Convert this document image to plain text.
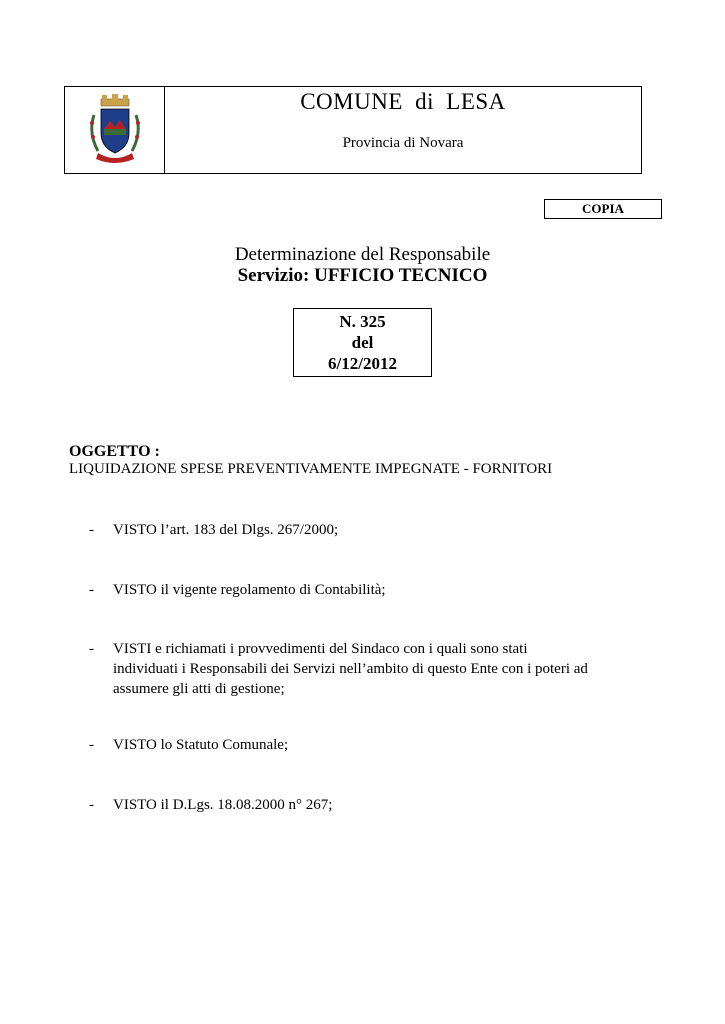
COMUNE di LESA
Provincia di Novara
COPIA
Determinazione del Responsabile
Servizio: UFFICIO TECNICO
N. 325
del
6/12/2012
OGGETTO :
LIQUIDAZIONE SPESE PREVENTIVAMENTE IMPEGNATE - FORNITORI
- VISTO l’art. 183 del Dlgs. 267/2000;
- VISTO il vigente regolamento di Contabilità;
- VISTI e richiamati i provvedimenti del Sindaco con i quali sono stati
individuati i Responsabili dei Servizi nell’ambito di questo Ente con i poteri ad
assumere gli atti di gestione;
- VISTO lo Statuto Comunale;
- VISTO il D.Lgs. 18.08.2000 n° 267;
